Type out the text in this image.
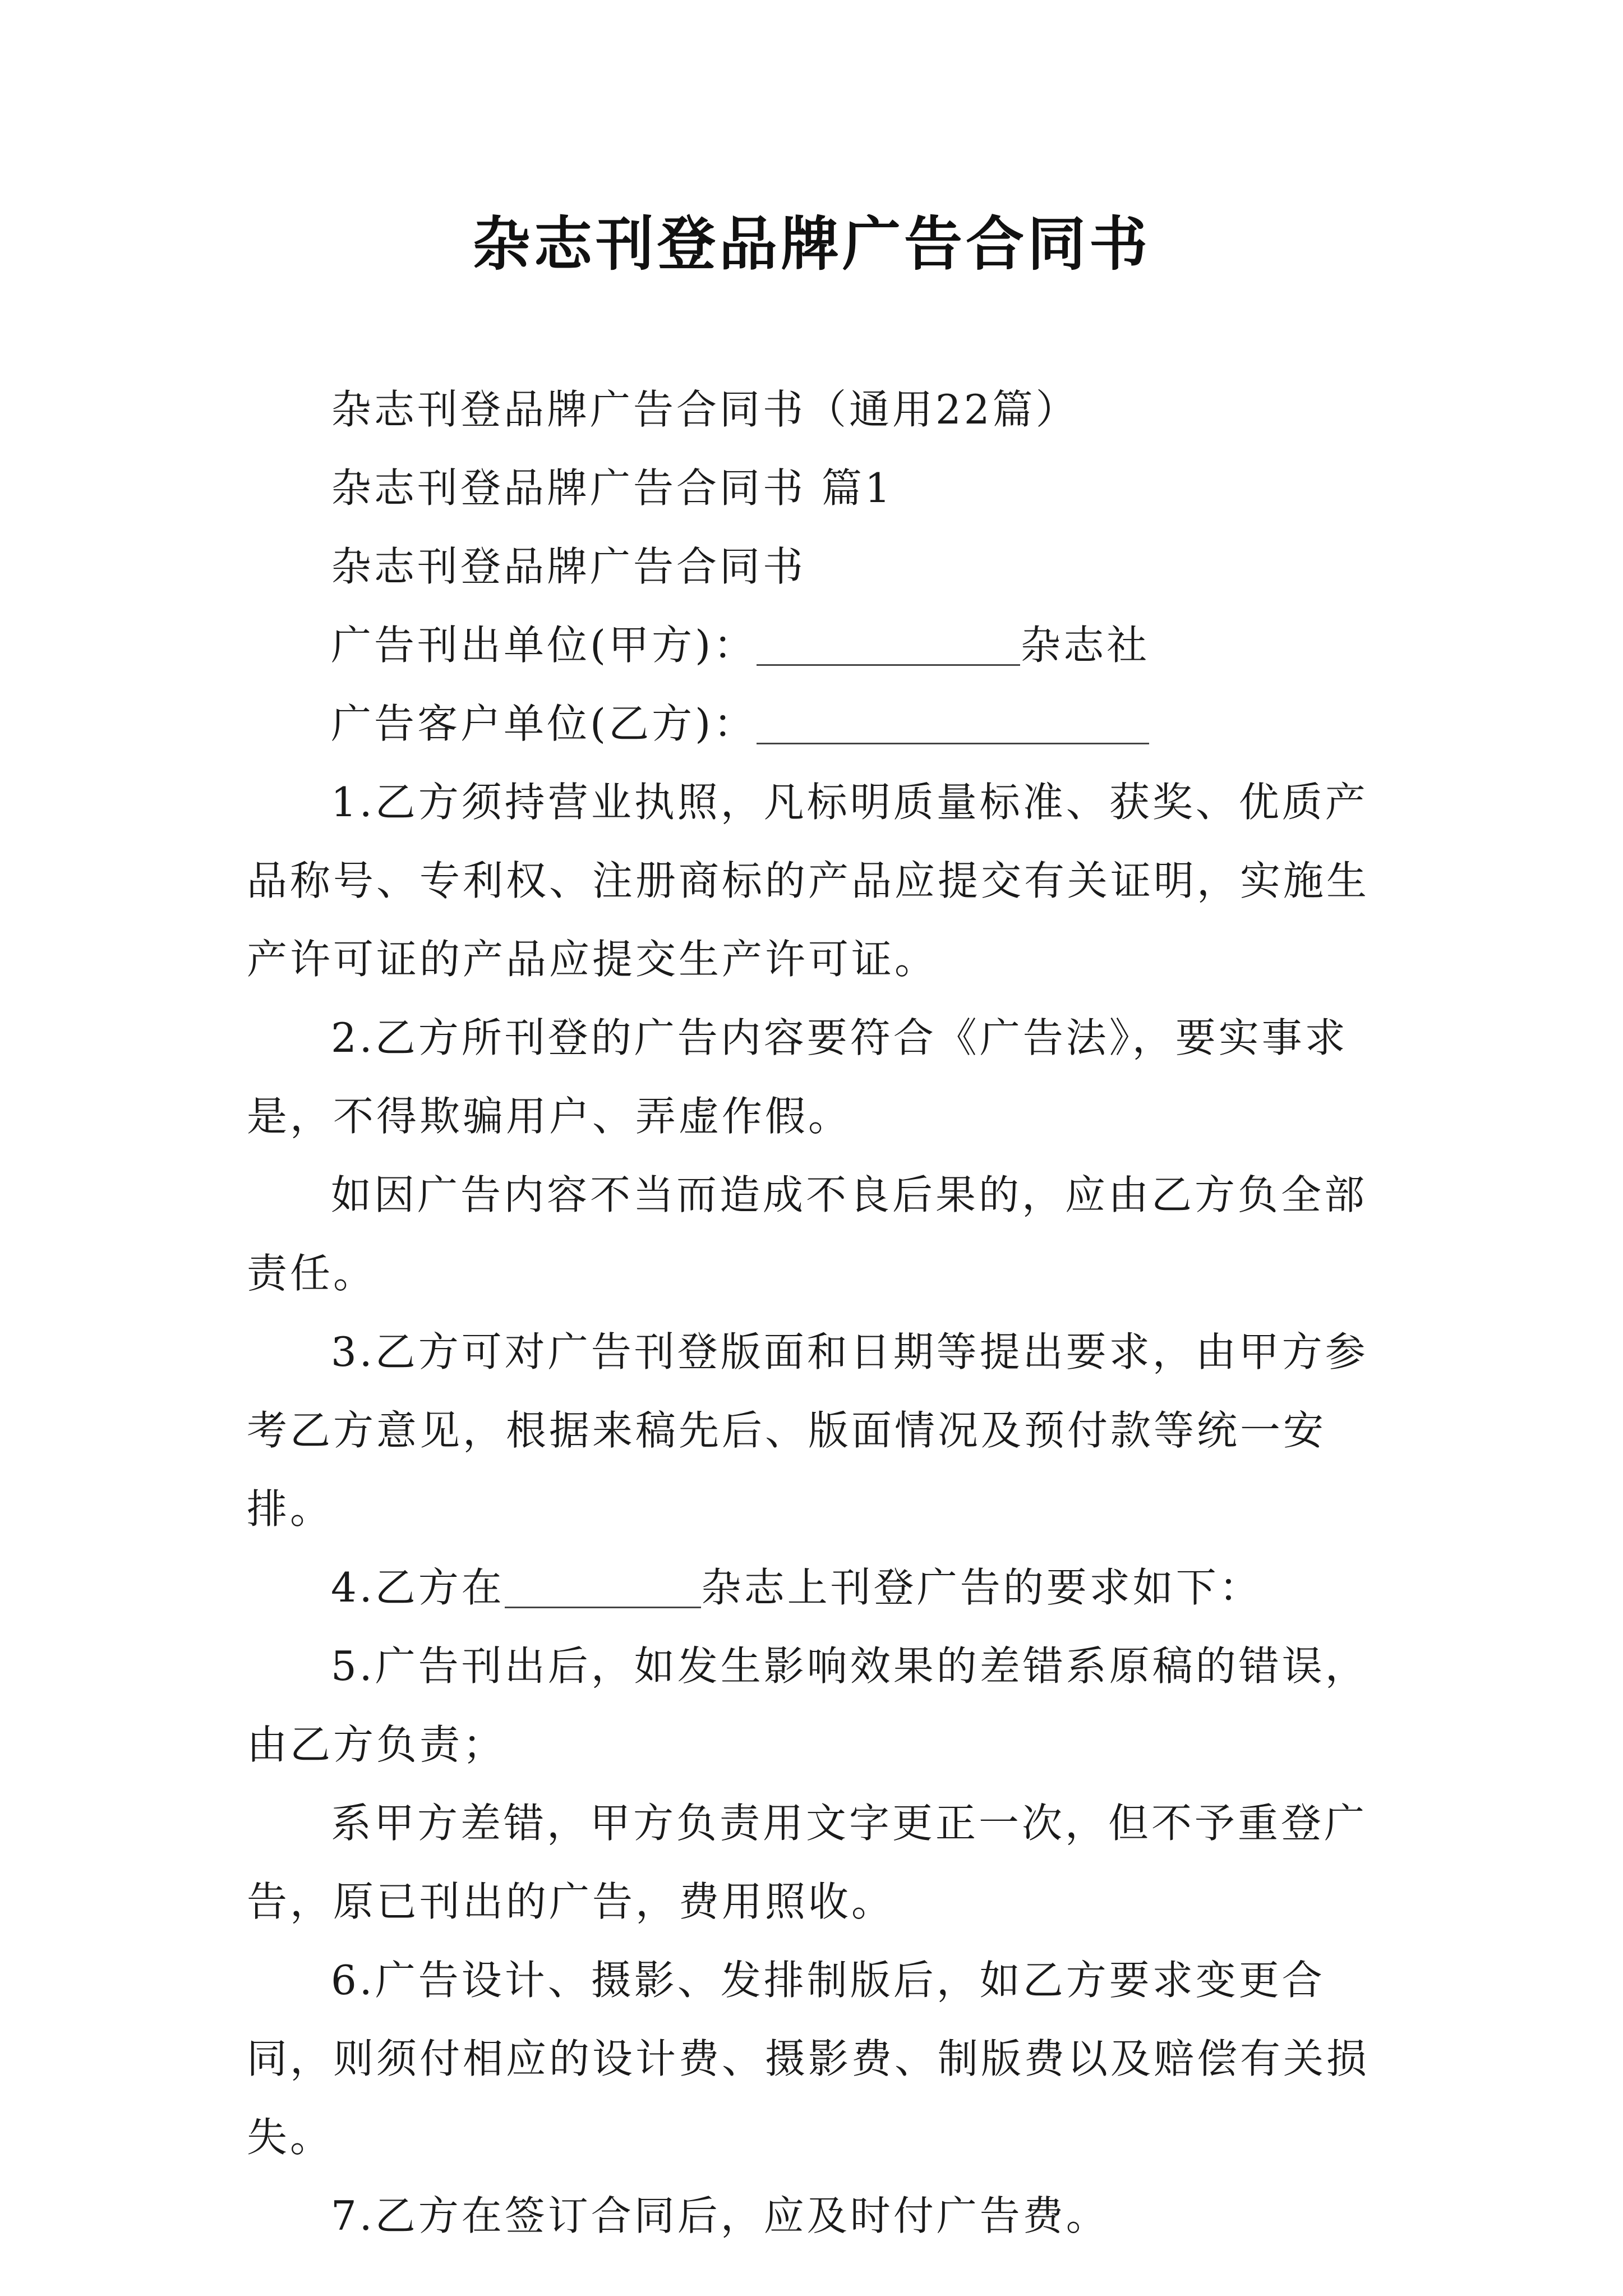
杂志刊登品牌广告合同书

杂志刊登品牌广告合同书（通用22篇）

杂志刊登品牌广告合同书 篇1

杂志刊登品牌广告合同书

广告刊出单位(甲方)：	杂志社

广告客户单位(乙方)：

1.乙方须持营业执照，凡标明质量标准、获奖、优质产品称号、专利权、注册商标的产品应提交有关证明，实施生产许可证的产品应提交生产许可证。

2.乙方所刊登的广告内容要符合《广告法》，要实事求是，不得欺骗用户、弄虚作假。

如因广告内容不当而造成不良后果的，应由乙方负全部责任。

3.乙方可对广告刊登版面和日期等提出要求，由甲方参考乙方意见，根据来稿先后、版面情况及预付款等统一安排。

4.乙方在	杂志上刊登广告的要求如下：

5.广告刊出后，如发生影响效果的差错系原稿的错误，由乙方负责；

系甲方差错，甲方负责用文字更正一次，但不予重登广告，原已刊出的广告，费用照收。

6.广告设计、摄影、发排制版后，如乙方要求变更合同，则须付相应的设计费、摄影费、制版费以及赔偿有关损失。

7.乙方在签订合同后，应及时付广告费。
